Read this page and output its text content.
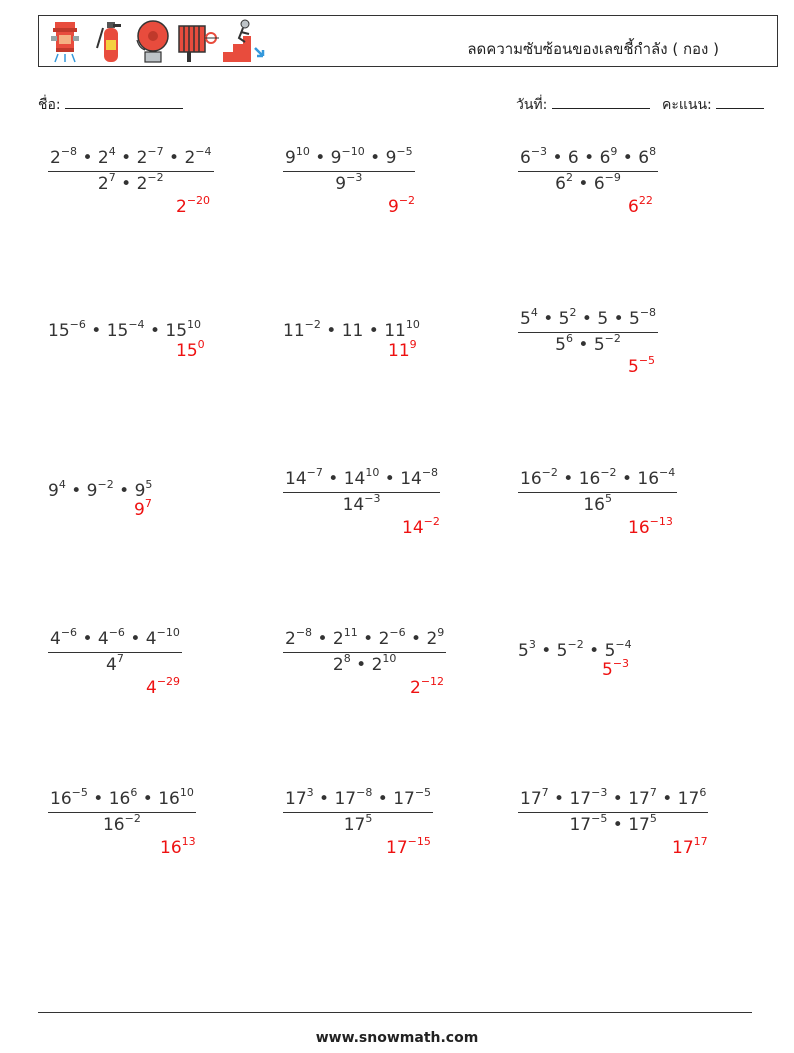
ลดความซับซ้อนของเลขชี้กำลัง ( กอง )
ชื่อ:	วันที่:	คะแนน:
$\frac{2^{-8} • 2^4 • 2^{-7} • 2^{-4}}{2^7 • 2^{-2}}$
$2^{-20}$
$\frac{9^{10} • 9^{-10} • 9^{-5}}{9^{-3}}$
$9^{-2}$
$\frac{6^{-3} • 6 • 6^9 • 6^8}{6^2 • 6^{-9}}$
$6^{22}$
$15^{-6}$ • $15^{-4}$ • $15^{10}$
$15^0$
$11^{-2}$ • 11 • $11^{10}$
$11^9$	$\frac{5^4 • 5^2 • 5 • 5^{-8}}{5^6 • 5^{-2}}$
$5^{-5}$
$9^4$ • $9^{-2}$ • $9^5$
$9^7$	$\frac{14^{-7} • 14^{10} • 14^{-8}}{14^{-3}}$
$14^{-2}$
$\frac{16^{-2} • 16^{-2} • 16^{-4}}{16^5}$
$16^{-13}$
$\frac{4^{-6} • 4^{-6} • 4^{-10}}{4^7}$
$4^{-29}$
$\frac{2^{-8} • 2^{11} • 2^{-6} • 2^9}{2^8 • 2^{10}}$
$2^{-12}$
$5^3$ • $5^{-2}$ • $5^{-4}$
$5^{-3}$
$\frac{16^{-5} • 16^6 • 16^{10}}{16^{-2}}$
$16^{13}$
$\frac{17^3 • 17^{-8} • 17^{-5}}{17^5}$
$17^{-15}$
$\frac{17^7 • 17^{-3} • 17^7 • 17^6}{17^{-5} • 17^5}$
$17^{17}$
www.snowmath.com
